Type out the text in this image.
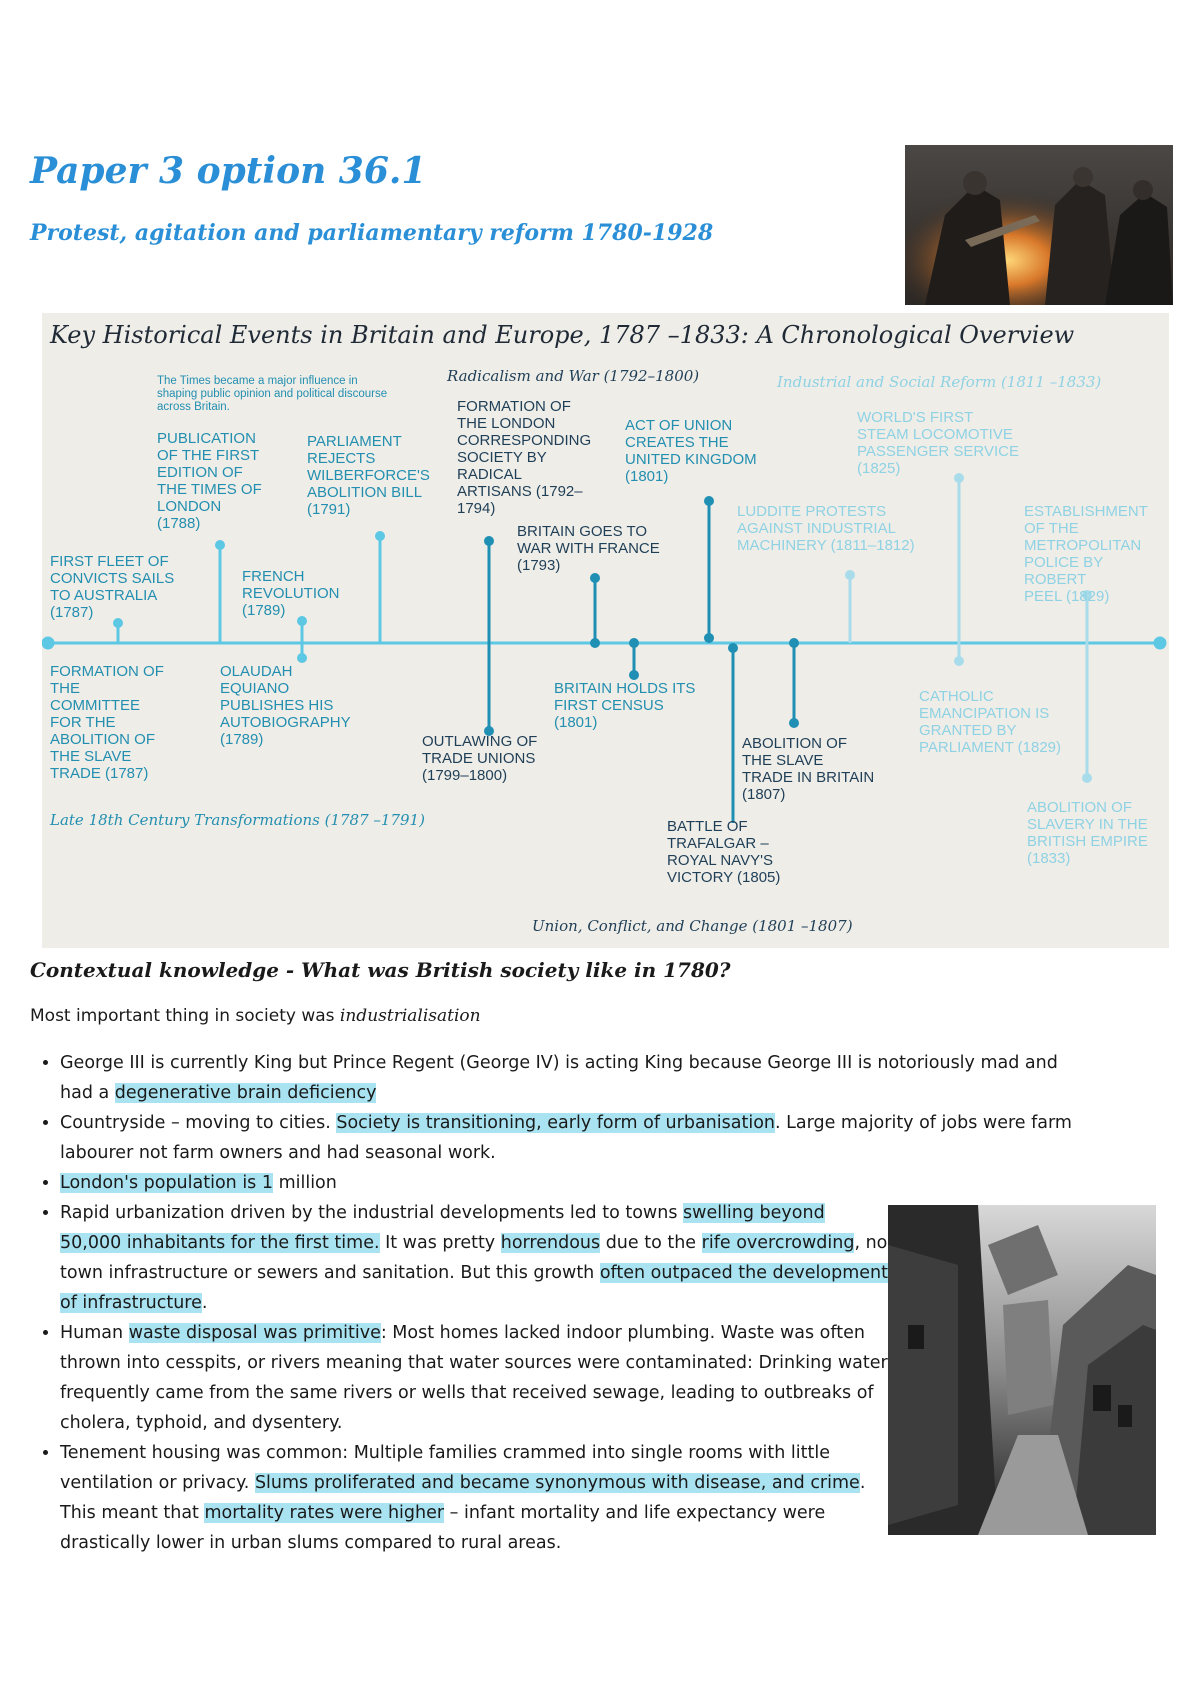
Paper 3 option 36.1
Protest, agitation and parliamentary reform 1780-1928
Key Historical Events in Britain and Europe, 1787 –1833: A Chronological Overview
Radicalism and War (1792–1800)	Industrial and Social Reform (1811 –1833)
Late 18th Century Transformations (1787 –1791)
Union, Conflict, and Change (1801 –1807)
The Times became a major influence in shaping public opinion and political discourse across Britain.
PUBLICATION
OF THE FIRST
EDITION OF
THE TIMES OF
LONDON
(1788)
PARLIAMENT
REJECTS
WILBERFORCE'S
ABOLITION BILL
(1791)
FORMATION OF
THE LONDON
CORRESPONDING
SOCIETY BY
RADICAL
ARTISANS (1792–
1794)
ACT OF UNION
CREATES THE
UNITED KINGDOM
(1801)
WORLD'S FIRST
STEAM LOCOMOTIVE
PASSENGER SERVICE
(1825)
FIRST FLEET OF
CONVICTS SAILS
TO AUSTRALIA
(1787)
FRENCH
REVOLUTION
(1789)
BRITAIN GOES TO
WAR WITH FRANCE
(1793)
LUDDITE PROTESTS
AGAINST INDUSTRIAL
MACHINERY (1811–1812)
ESTABLISHMENT
OF THE
METROPOLITAN
POLICE BY ROBERT
PEEL (1829)
FORMATION OF
THE
COMMITTEE
FOR THE
ABOLITION OF
THE SLAVE
TRADE (1787)
OLAUDAH
EQUIANO
PUBLISHES HIS
AUTOBIOGRAPHY
(1789)	OUTLAWING OF
TRADE UNIONS
(1799–1800)
BRITAIN HOLDS ITS
FIRST CENSUS
(1801)
ABOLITION OF
THE SLAVE
TRADE IN BRITAIN
(1807)
CATHOLIC
EMANCIPATION IS
GRANTED BY
PARLIAMENT (1829)
BATTLE OF
TRAFALGAR –
ROYAL NAVY'S
VICTORY (1805)
ABOLITION OF
SLAVERY IN THE
BRITISH EMPIRE
(1833)
Contextual knowledge - What was British society like in 1780?

Most important thing in society was industrialisation

• George III is currently King but Prince Regent (George IV) is acting King because George III is notoriously mad and had a degenerative brain deficiency
• Countryside – moving to cities. Society is transitioning, early form of urbanisation. Large majority of jobs were farm labourer not farm owners and had seasonal work.
• London's population is 1 million
• Rapid urbanization driven by the industrial developments led to towns swelling beyond 50,000 inhabitants for the first time. It was pretty horrendous due to the rife overcrowding, no town infrastructure or sewers and sanitation. But this growth often outpaced the development of infrastructure.
• Human waste disposal was primitive: Most homes lacked indoor plumbing. Waste was often thrown into cesspits, or rivers meaning that water sources were contaminated: Drinking water frequently came from the same rivers or wells that received sewage, leading to outbreaks of cholera, typhoid, and dysentery.
• Tenement housing was common: Multiple families crammed into single rooms with little ventilation or privacy. Slums proliferated and became synonymous with disease, and crime. This meant that mortality rates were higher – infant mortality and life expectancy were drastically lower in urban slums compared to rural areas.
